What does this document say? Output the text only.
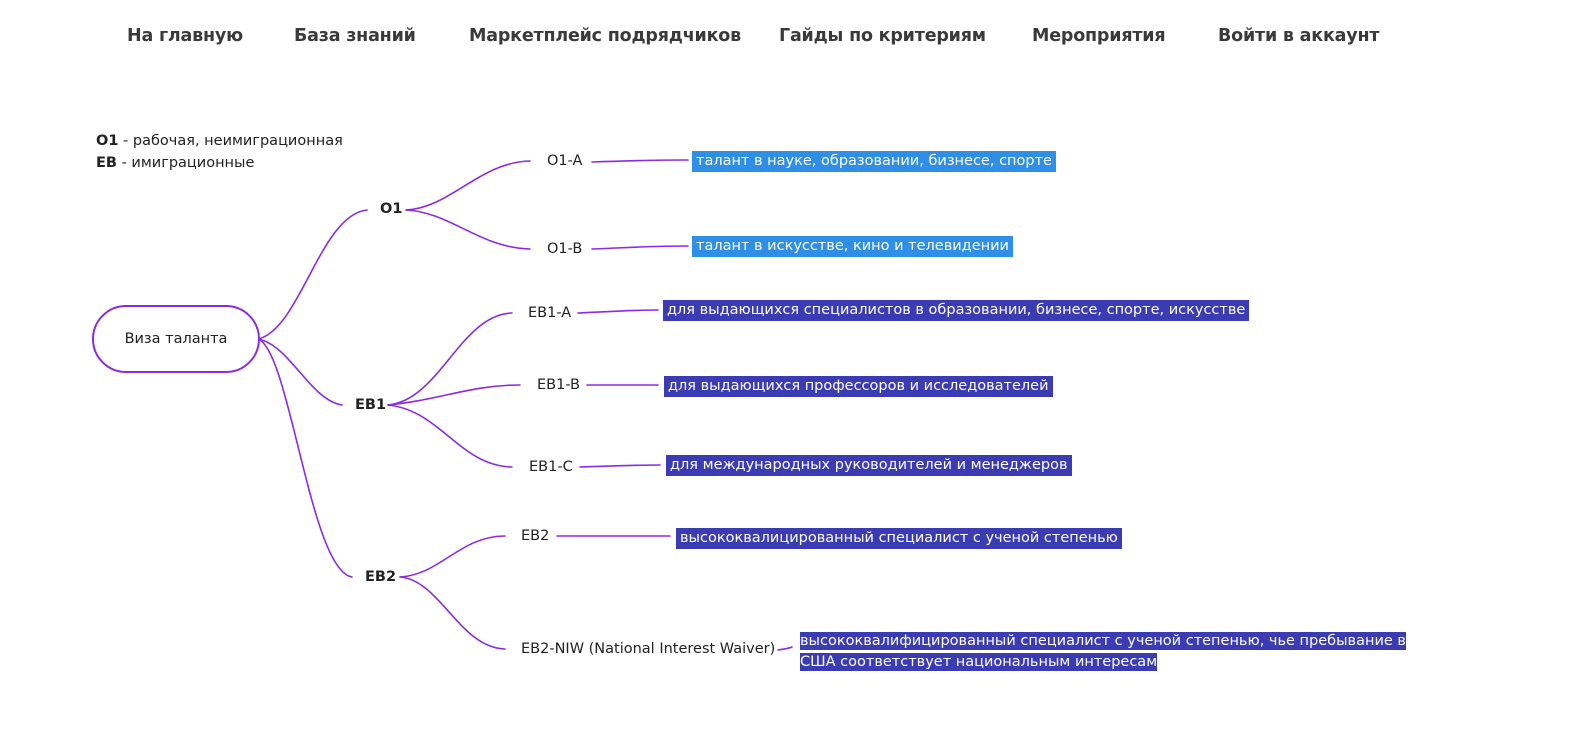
На главную	База знаний	Маркетплейс подрядчиков Гайды по критериям	Мероприятия	Войти в аккаунт
O1 - рабочая, неимиграционная
EB - имиграционные
Виза таланта
O1
EB1
EB2
O1-A
O1-B
EB1-A
EB1-B
EB1-C
EB2
EB2-NIW (National Interest Waiver)
талант в науке, образовании, бизнесе, спорте
талант в искусстве, кино и телевидении
для выдающихся специалистов в образовании, бизнесе, спорте, искусстве
для выдающихся профессоров и исследователей
для международных руководителей и менеджеров
высококвалицированный специалист с ученой степенью
высококвалифицированный специалист с ученой степенью, чье пребывание в США соответствует национальным интересам
